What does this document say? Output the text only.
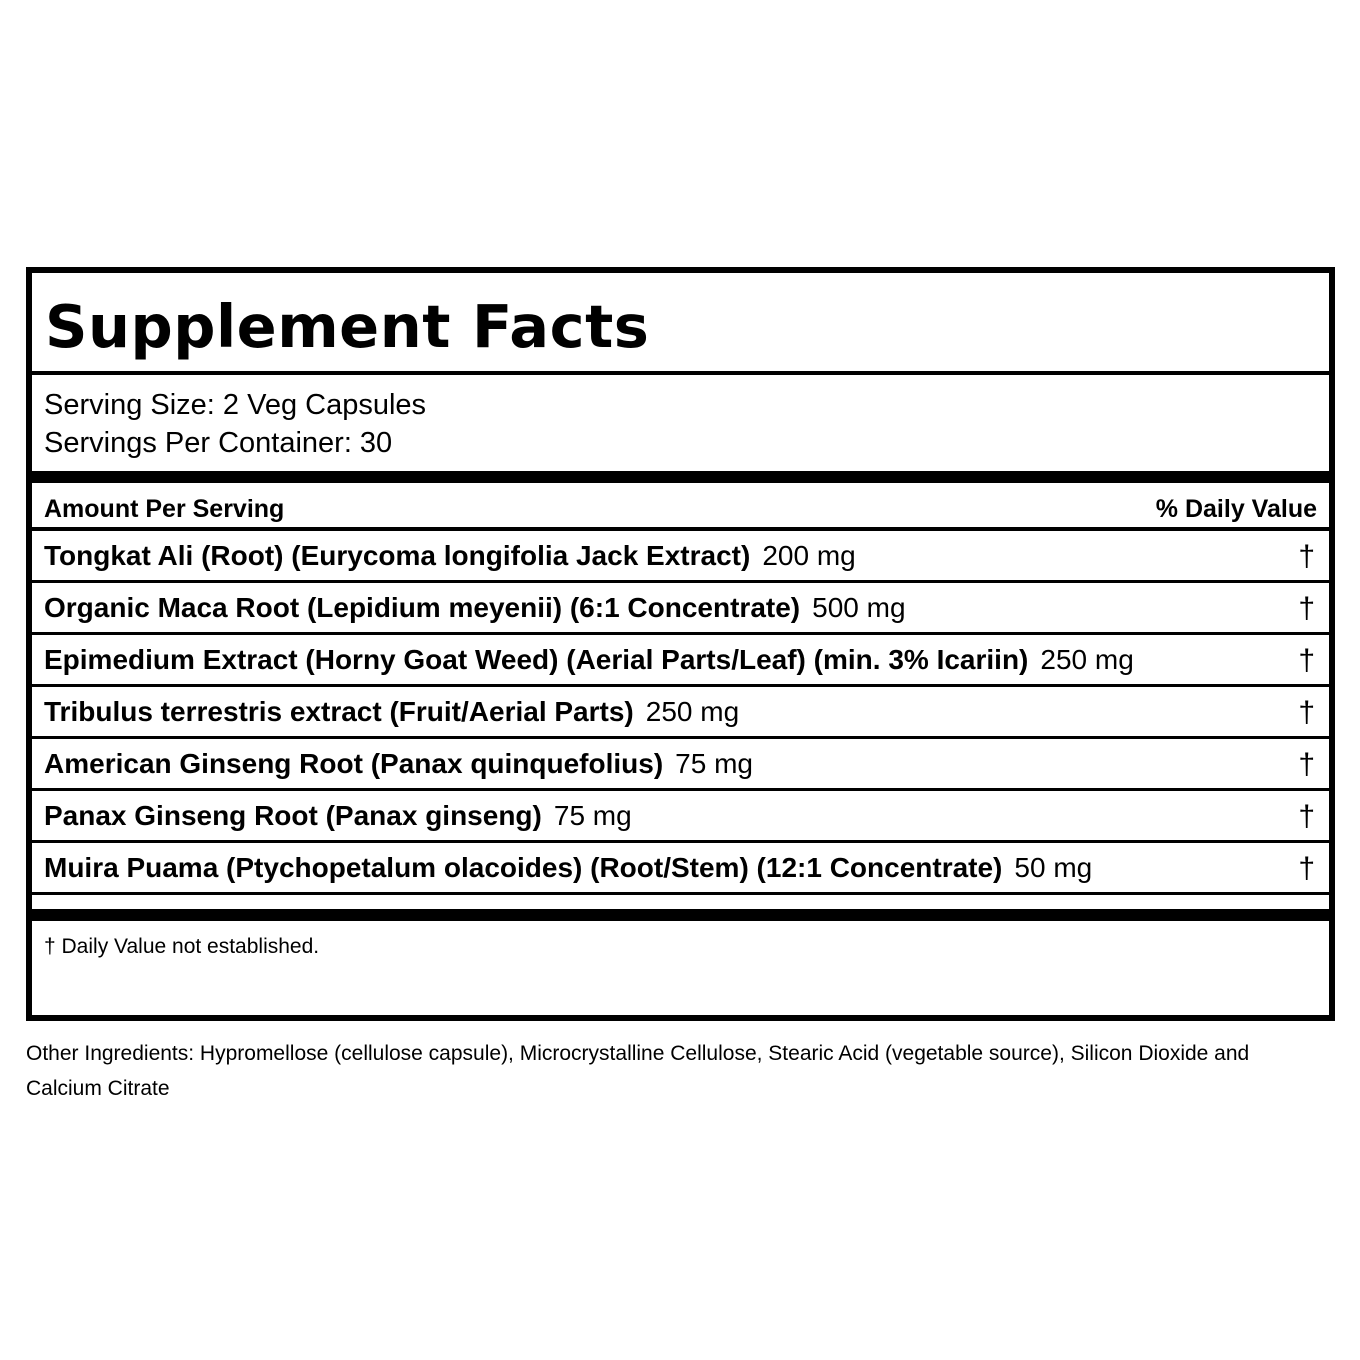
Supplement Facts
Serving Size: 2 Veg Capsules
Servings Per Container: 30
Amount Per Serving	% Daily Value
Tongkat Ali (Root) (Eurycoma longifolia Jack Extract) 200 mg	†
Organic Maca Root (Lepidium meyenii) (6:1 Concentrate) 500 mg	†
Epimedium Extract (Horny Goat Weed) (Aerial Parts/Leaf) (min. 3% Icariin) 250 mg	†
Tribulus terrestris extract (Fruit/Aerial Parts) 250 mg	†
American Ginseng Root (Panax quinquefolius) 75 mg	†
Panax Ginseng Root (Panax ginseng) 75 mg	†
Muira Puama (Ptychopetalum olacoides) (Root/Stem) (12:1 Concentrate) 50 mg	†
† Daily Value not established.

Other Ingredients: Hypromellose (cellulose capsule), Microcrystalline Cellulose, Stearic Acid (vegetable source), Silicon Dioxide and Calcium Citrate
